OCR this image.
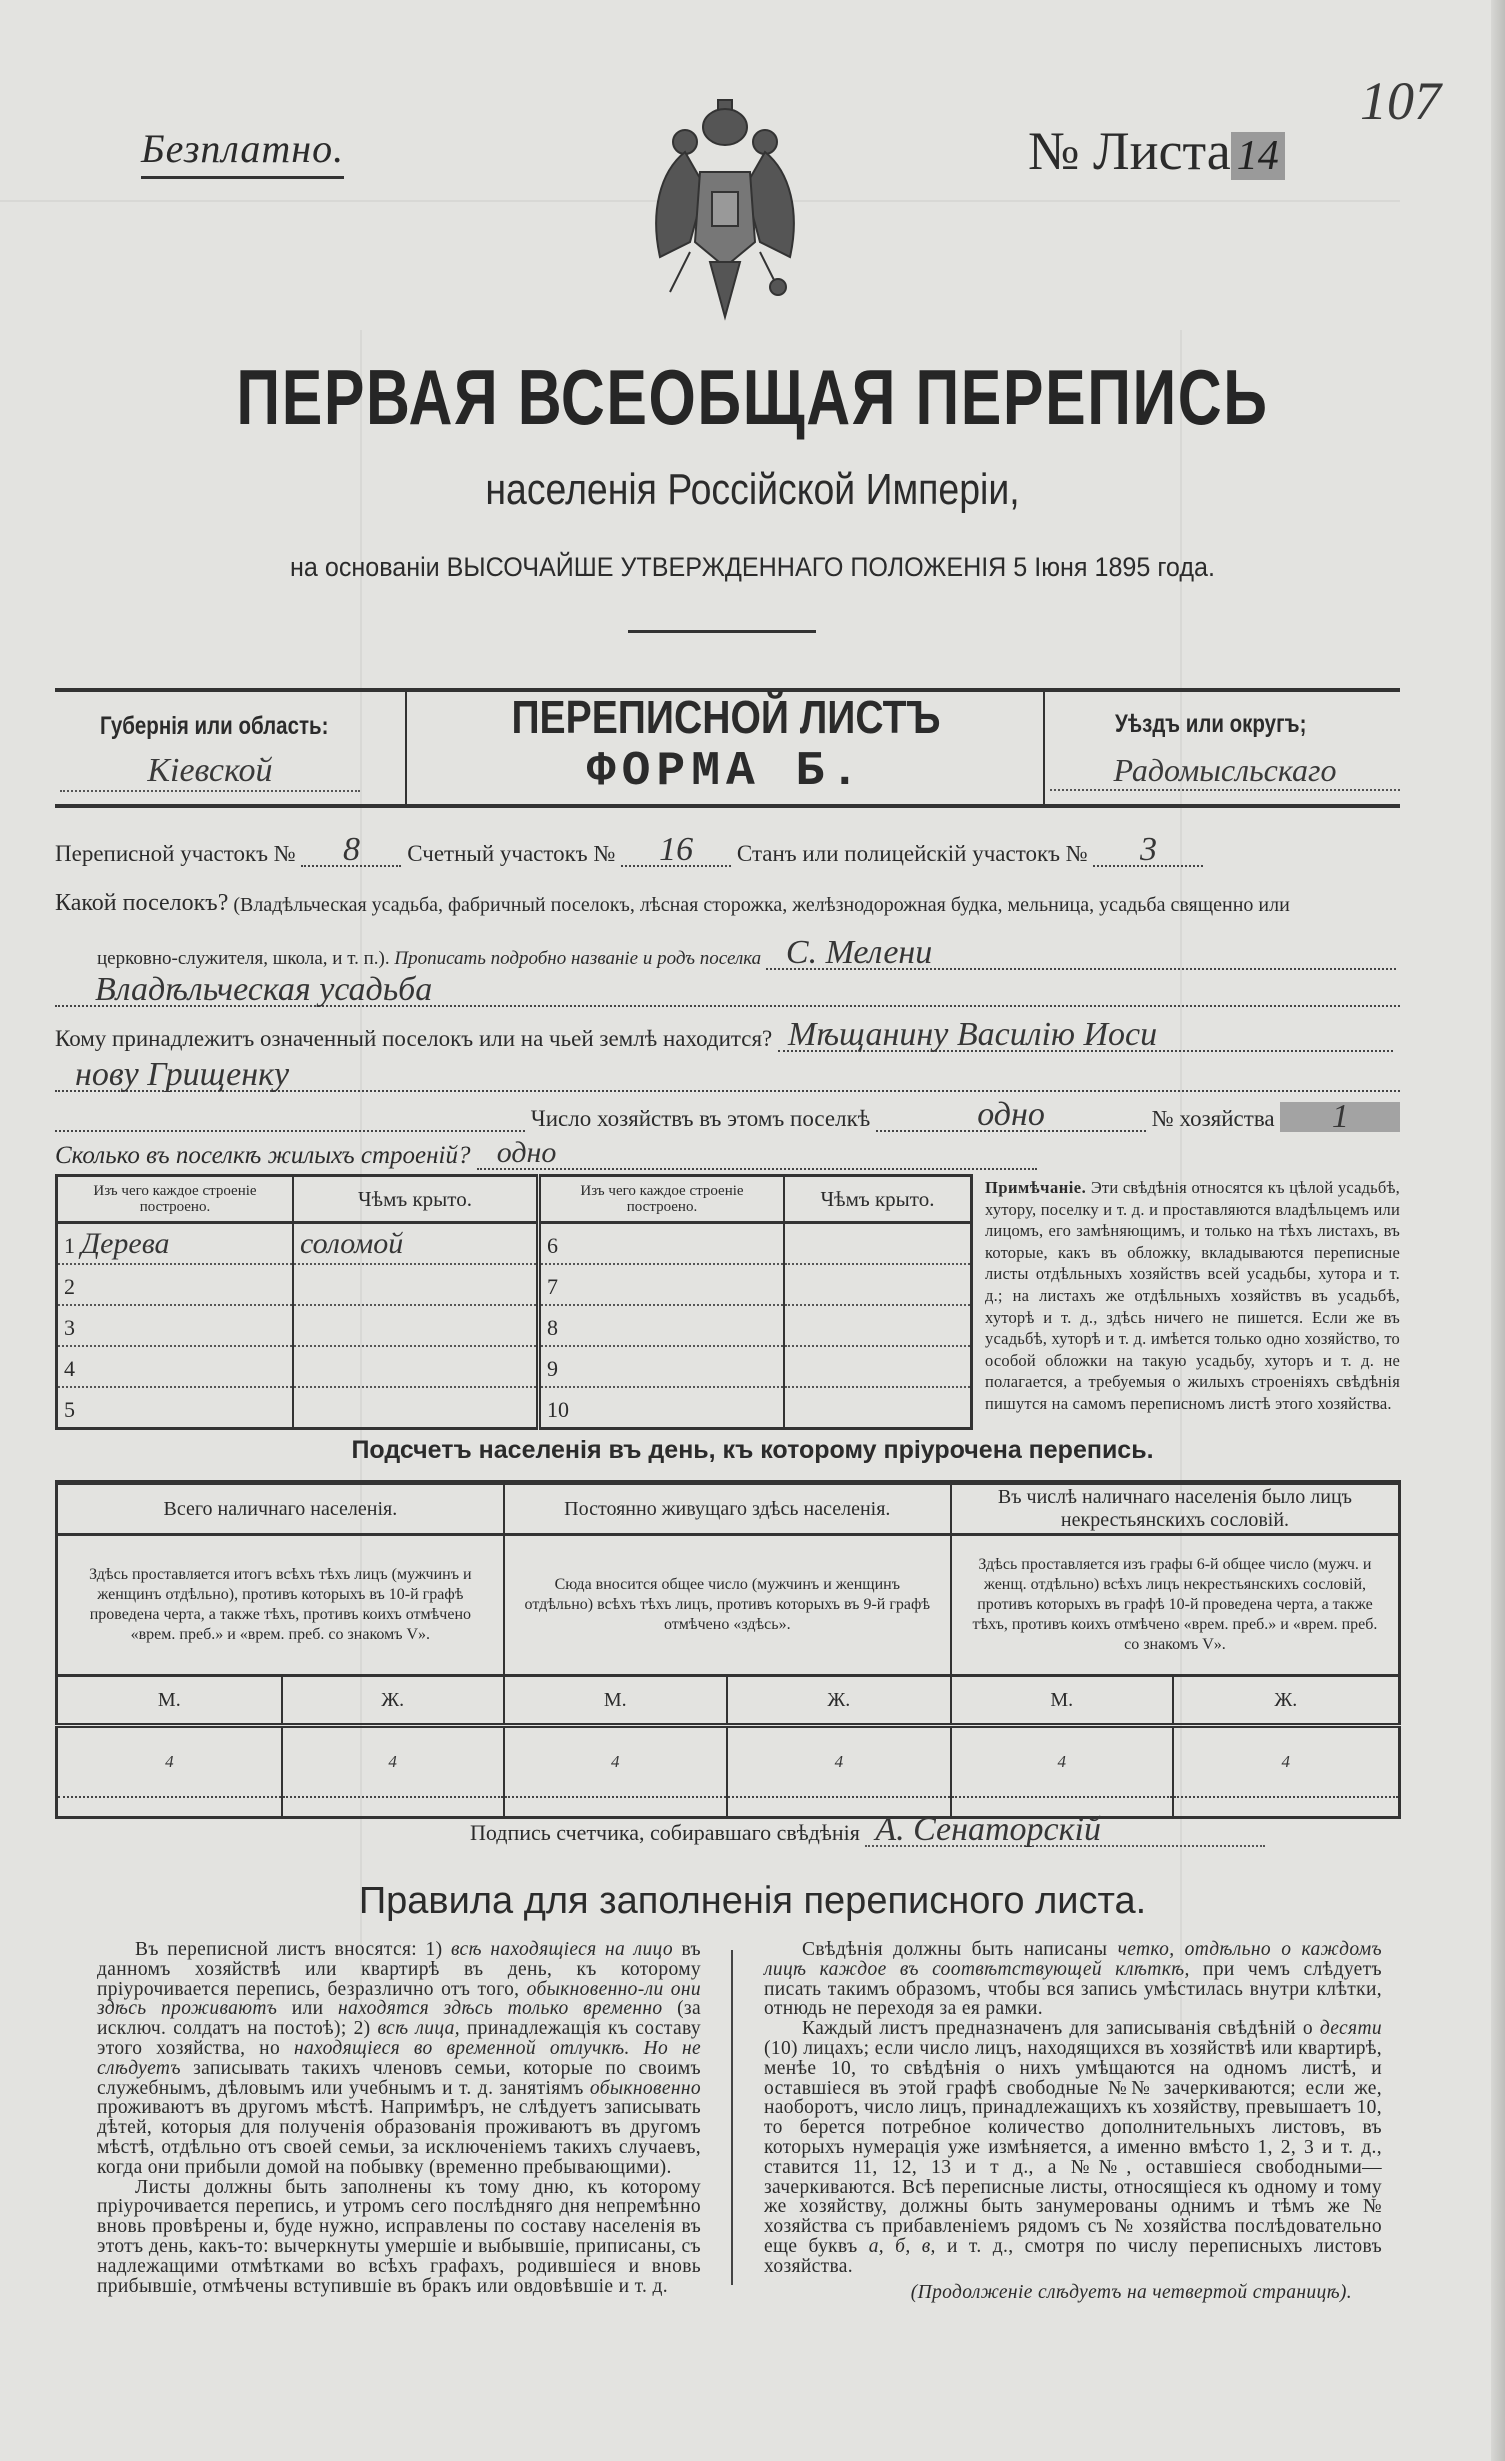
Безплатно.	№ Листа 14
107
ПЕРВАЯ ВСЕОБЩАЯ ПЕРЕПИСЬ
населенія Россійской Имперіи,
на основаніи ВЫСОЧАЙШЕ УТВЕРЖДЕННАГО ПОЛОЖЕНІЯ 5 Іюня 1895 года.
Губернія или область:
Кіевской
ПЕРЕПИСНОЙ ЛИСТЪ
ФОРМА Б.
Уѣздъ или округъ;
Радомысльскаго
Переписной участокъ № 8 Счетный участокъ № 16 Станъ или полицейскій участокъ № 3
Какой поселокъ? (Владѣльческая усадьба, фабричный поселокъ, лѣсная сторожка, желѣзнодорожная будка, мельница, усадьба священно или
церковно-служителя, школа, и т. п.). Прописать подробно названіе и родъ поселка С. Мелени
Владѣльческая усадьба
Кому принадлежитъ означенный поселокъ или на чьей землѣ находится? Мѣщанину Василію Иоси
нову Грищенку
Число хозяйствъ въ этомъ поселкѣ	одно	№ хозяйства 1
Сколько въ поселкѣ жилыхъ строеній? одно
Изъ чего каждое строеніе построено.	Чѣмъ крыто.	Изъ чего каждое строеніе построено.	Чѣмъ крыто.
1 Дерева	соломой	6	
2		7	
3		8	
4		9	
5		10	
Примѣчаніе. Эти свѣдѣнія относятся къ цѣлой усадьбѣ, хутору, поселку и т. д. и проставляются владѣльцемъ или лицомъ, его замѣняющимъ, и только на тѣхъ листахъ, въ которые, какъ въ обложку, вкладываются переписные листы отдѣльныхъ хозяйствъ всей усадьбы, хутора и т. д.; на листахъ же отдѣльныхъ хозяйствъ въ усадьбѣ, хуторѣ и т. д., здѣсь ничего не пишется. Если же въ усадьбѣ, хуторѣ и т. д. имѣется только одно хозяйство, то особой обложки на такую усадьбу, хуторъ и т. д. не полагается, а требуемыя о жилыхъ строеніяхъ свѣдѣнія пишутся на самомъ переписномъ листѣ этого хозяйства.
Подсчетъ населенія въ день, къ которому пріурочена перепись.
Всего наличнаго населенія.		Постоянно живущаго здѣсь населенія.		Въ числѣ наличнаго населенія было лицъ некрестьянскихъ сословій.	
Здѣсь проставляется итогъ всѣхъ тѣхъ лицъ (мужчинъ и женщинъ отдѣльно), противъ которыхъ въ 10-й графѣ проведена черта, а также тѣхъ, противъ коихъ отмѣчено «врем. преб.» и «врем. преб. со знакомъ V».		Сюда вносится общее число (мужчинъ и женщинъ отдѣльно) всѣхъ тѣхъ лицъ, противъ которыхъ въ 9-й графѣ отмѣчено «здѣсь».		Здѣсь проставляется изъ графы 6-й общее число (мужч. и женщ. отдѣльно) всѣхъ лицъ некрестьянскихъ сословій, противъ которыхъ въ графѣ 10-й проведена черта, а также тѣхъ, противъ коихъ отмѣчено «врем. преб.» и «врем. преб. со знакомъ V».	
М.	Ж.	М.	Ж.	М.	Ж.
4	4	4	4	4	4

Подпись счетчика, собиравшаго свѣдѣнія А. Сенаторскій
Правила для заполненія переписного листа.

Въ переписной листъ вносятся: 1) всѣ находящіеся на лицо въ данномъ хозяйствѣ или квартирѣ въ день, къ которому пріурочивается перепись, безразлично отъ того, обыкновенно-ли они здѣсь проживаютъ или находятся здѣсь только временно (за исключ. солдатъ на постоѣ); 2) всѣ лица, принадлежащія къ составу этого хозяйства, но находящіеся во временной отлучкѣ. Но не слѣдуетъ записывать такихъ членовъ семьи, которые по своимъ служебнымъ, дѣловымъ или учебнымъ и т. д. занятіямъ обыкновенно проживаютъ въ другомъ мѣстѣ. Напримѣръ, не слѣдуетъ записывать дѣтей, которыя для полученія образованія проживаютъ въ другомъ мѣстѣ, отдѣльно отъ своей семьи, за исключеніемъ такихъ случаевъ, когда они прибыли домой на побывку (временно пребывающими).

Листы должны быть заполнены къ тому дню, къ которому пріурочивается перепись, и утромъ сего послѣдняго дня непремѣнно вновь провѣрены и, буде нужно, исправлены по составу населенія въ этотъ день, какъ-то: вычеркнуты умершіе и выбывшіе, приписаны, съ надлежащими отмѣтками во всѣхъ графахъ, родившіеся и вновь прибывшіе, отмѣчены вступившіе въ бракъ или овдовѣвшіе и т. д.

Свѣдѣнія должны быть написаны четко, отдѣльно о каждомъ лицѣ каждое въ соотвѣтствующей клѣткѣ, при чемъ слѣдуетъ писать такимъ образомъ, чтобы вся запись умѣстилась внутри клѣтки, отнюдь не переходя за ея рамки.

Каждый листъ предназначенъ для записыванія свѣдѣній о десяти (10) лицахъ; если число лицъ, находящихся въ хозяйствѣ или квартирѣ, менѣе 10, то свѣдѣнія о нихъ умѣщаются на одномъ листѣ, и оставшіеся въ этой графѣ свободные №№ зачеркиваются; если же, наоборотъ, число лицъ, принадлежащихъ къ хозяйству, превышаетъ 10, то берется потребное количество дополнительныхъ листовъ, въ которыхъ нумерація уже измѣняется, а именно вмѣсто 1, 2, 3 и т. д., ставится 11, 12, 13 и т д., а №№, оставшіеся свободными—зачеркиваются. Всѣ переписные листы, относящіеся къ одному и тому же хозяйству, должны быть занумерованы однимъ и тѣмъ же № хозяйства съ прибавленіемъ рядомъ съ № хозяйства послѣдовательно еще буквъ а, б, в, и т. д., смотря по числу переписныхъ листовъ хозяйства.

(Продолженіе слѣдуетъ на четвертой страницѣ).
